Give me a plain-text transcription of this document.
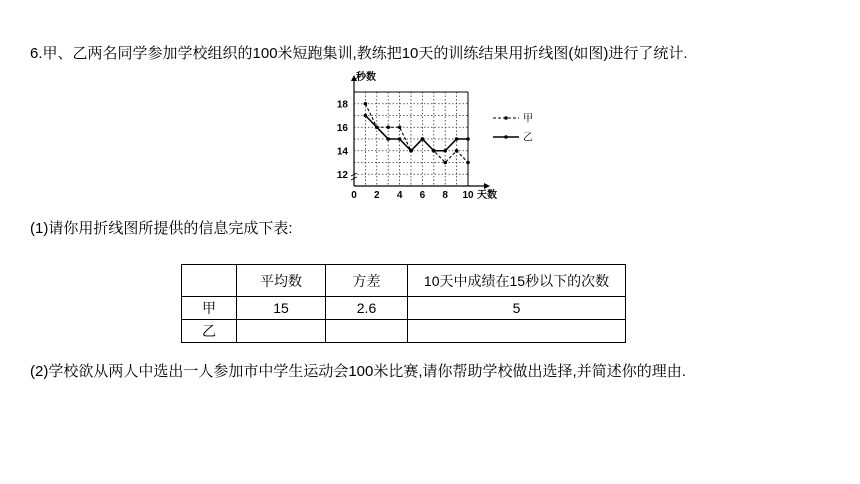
6.甲、乙两名同学参加学校组织的100米短跑集训,教练把10天的训练结果用折线图(如图)进行了统计.
秒数
天数
0 2 4 6 8 10
12
14
16
18
甲
乙
(1)请你用折线图所提供的信息完成下表:
	平均数	方差	10天中成绩在15秒以下的次数
甲	15	2.6	5
乙			
(2)学校欲从两人中选出一人参加市中学生运动会100米比赛,请你帮助学校做出选择,并简述你的理由.
